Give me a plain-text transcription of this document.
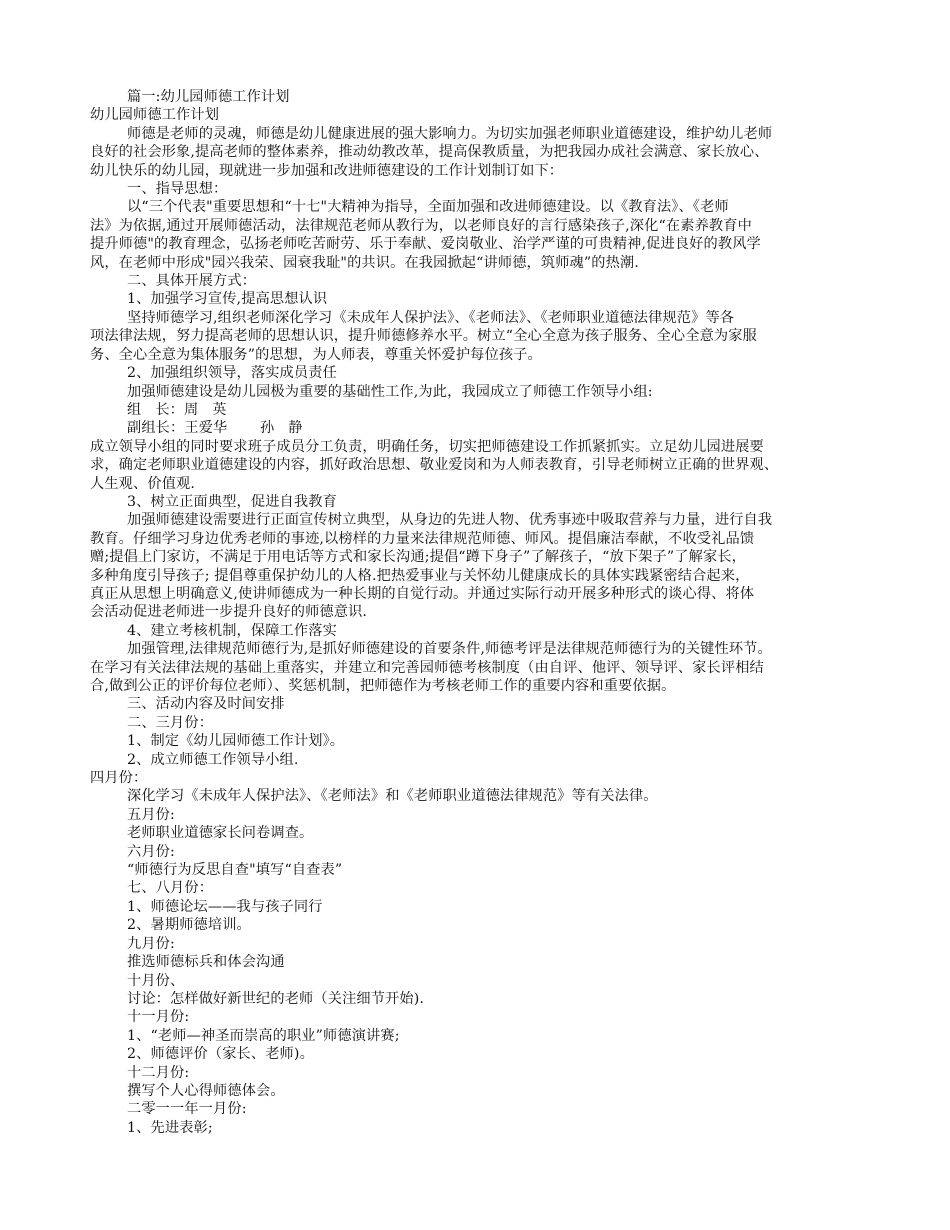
篇一:幼儿园师德工作计划
幼儿园师德工作计划
师德是老师的灵魂，师德是幼儿健康进展的强大影响力。为切实加强老师职业道德建设，维护幼儿老师
良好的社会形象,提高老师的整体素养，推动幼教改革，提高保教质量，为把我园办成社会满意、家长放心、
幼儿快乐的幼儿园，现就进一步加强和改进师德建设的工作计划制订如下：
一、指导思想：
以“三个代表"重要思想和“十七"大精神为指导，全面加强和改进师德建设。以《教育法》、《老师
法》为依据,通过开展师德活动，法律规范老师从教行为，以老师良好的言行感染孩子,深化“在素养教育中
提升师德"的教育理念，弘扬老师吃苦耐劳、乐于奉献、爱岗敬业、治学严谨的可贵精神,促进良好的教风学
风，在老师中形成"园兴我荣、园衰我耻"的共识。在我园掀起“讲师德，筑师魂”的热潮.
二、具体开展方式：
1、加强学习宣传,提高思想认识
坚持师德学习,组织老师深化学习《未成年人保护法》、《老师法》、《老师职业道德法律规范》等各
项法律法规，努力提高老师的思想认识，提升师德修养水平。树立“全心全意为孩子服务、全心全意为家服
务、全心全意为集体服务”的思想，为人师表，尊重关怀爱护每位孩子。
2、加强组织领导，落实成员责任
加强师德建设是幼儿园极为重要的基础性工作,为此，我园成立了师德工作领导小组:
组   长：周   英
副组长：王爱华       孙   静
成立领导小组的同时要求班子成员分工负责，明确任务，切实把师德建设工作抓紧抓实。立足幼儿园进展要
求，确定老师职业道德建设的内容，抓好政治思想、敬业爱岗和为人师表教育，引导老师树立正确的世界观、
人生观、价值观.
3、树立正面典型，促进自我教育
加强师德建设需要进行正面宣传树立典型，从身边的先进人物、优秀事迹中吸取营养与力量，进行自我
教育。仔细学习身边优秀老师的事迹,以榜样的力量来法律规范师德、师风。提倡廉洁奉献，不收受礼品馈
赠;提倡上门家访，不满足于用电话等方式和家长沟通;提倡“蹲下身子”了解孩子，“放下架子”了解家长，
多种角度引导孩子; 提倡尊重保护幼儿的人格.把热爱事业与关怀幼儿健康成长的具体实践紧密结合起来，
真正从思想上明确意义,使讲师德成为一种长期的自觉行动。并通过实际行动开展多种形式的谈心得、将体
会活动促进老师进一步提升良好的师德意识.
4、建立考核机制，保障工作落实
加强管理,法律规范师德行为,是抓好师德建设的首要条件,师德考评是法律规范师德行为的关键性环节。
在学习有关法律法规的基础上重落实，并建立和完善园师德考核制度（由自评、他评、领导评、家长评相结
合,做到公正的评价每位老师）、奖惩机制，把师德作为考核老师工作的重要内容和重要依据。
三、活动内容及时间安排
二、三月份：
1、制定《幼儿园师德工作计划》。
2、成立师德工作领导小组.
四月份：
深化学习《未成年人保护法》、《老师法》和《老师职业道德法律规范》等有关法律。
五月份:
老师职业道德家长问卷调查。
六月份:
“师德行为反思自查"填写“自查表”
七、八月份：
1、师德论坛——我与孩子同行
2、暑期师德培训。
九月份:
推选师德标兵和体会沟通
十月份、
讨论：怎样做好新世纪的老师（关注细节开始).
十一月份:
1、“老师—神圣而崇高的职业”师德演讲赛;
2、师德评价（家长、老师)。
十二月份:
撰写个人心得师德体会。
二零一一年一月份:
1、先进表彰;
